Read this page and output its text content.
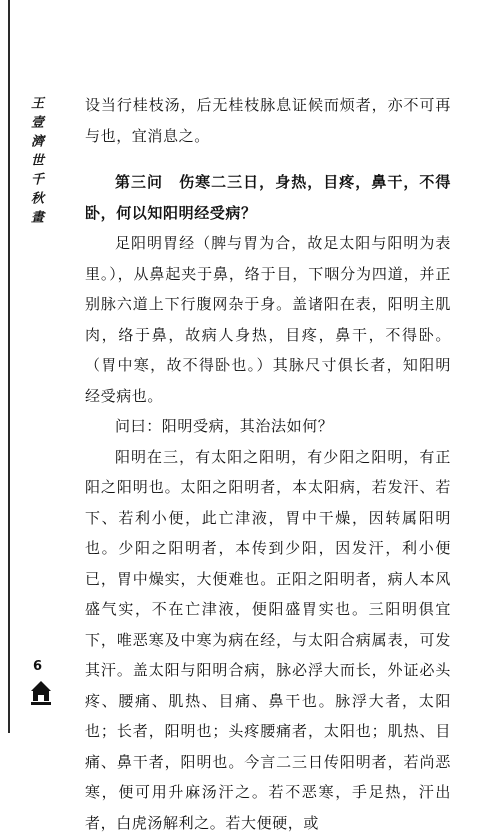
王壹濟世千秋畫	设当行桂枝汤，后无桂枝脉息证候而烦者，亦不可再与也，宜消息之。

第三问　伤寒二三日，身热，目疼，鼻干，不得卧，何以知阳明经受病？

足阳明胃经（脾与胃为合，故足太阳与阳明为表里。），从鼻起夹于鼻，络于目，下咽分为四道，并正别脉六道上下行腹网杂于身。盖诸阳在表，阳明主肌肉，络于鼻，故病人身热，目疼，鼻干，不得卧。（胃中寒，故不得卧也。）其脉尺寸俱长者，知阳明经受病也。

问曰：阳明受病，其治法如何？

阳明在三，有太阳之阳明，有少阳之阳明，有正阳之阳明也。太阳之阳明者，本太阳病，若发汗、若下、若利小便，此亡津液，胃中干燥，因转属阳明也。少阳之阳明者，本传到少阳，因发汗，利小便已，胃中燥实，大便难也。正阳之阳明者，病人本风盛气实，不在亡津液，便阳盛胃实也。三阳明俱宜下，唯恶寒及中寒为病在经，与太阳合病属表，可发其汗。盖太阳与阳明合病，脉必浮大而长，外证必头疼、腰痛、肌热、目痛、鼻干也。脉浮大者，太阳也；长者，阳明也；头疼腰痛者，太阳也；肌热、目痛、鼻干者，阳明也。今言二三日传阳明者，若尚恶寒，便可用升麻汤汗之。若不恶寒，手足热，汗出者，白虎汤解利之。若大便硬，或

6
